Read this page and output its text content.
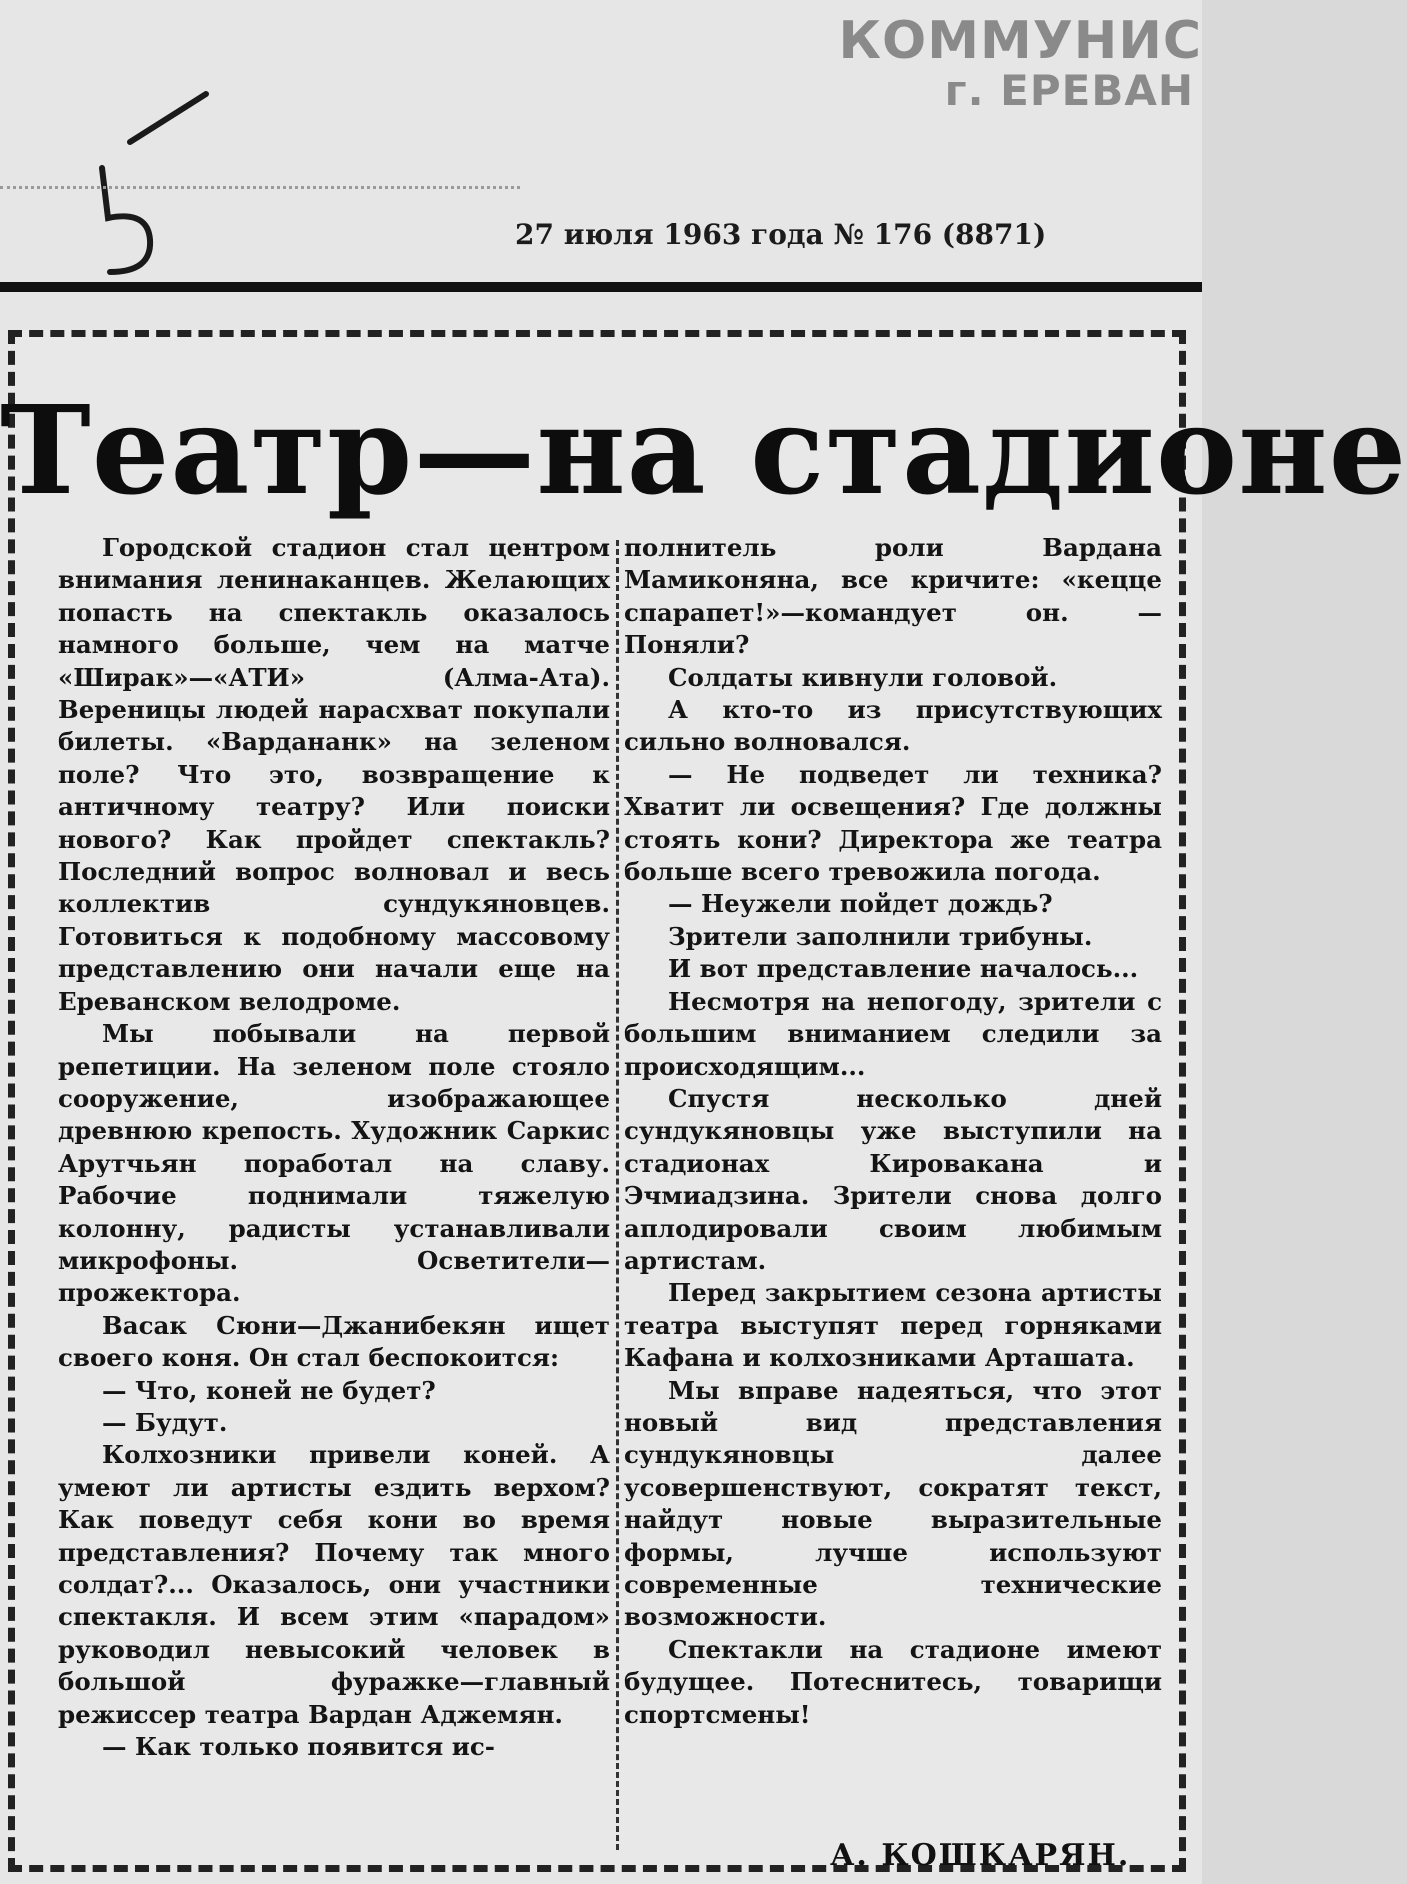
КОММУНИС
г. ЕРЕВАН
27 июля 1963 года № 176 (8871)
Театр—на стадионе

Городской стадион стал центром внимания ленинаканцев. Желающих попасть на спектакль оказалось намного больше, чем на матче «Ширак»—«АТИ» (Алма-Ата). Вереницы людей нарасхват покупали билеты. «Вардананк» на зеленом поле? Что это, возвращение к античному театру? Или поиски нового? Как пройдет спектакль? Последний вопрос волновал и весь коллектив сундукяновцев. Готовиться к подобному массовому представлению они начали еще на Ереванском велодроме.

Мы побывали на первой репетиции. На зеленом поле стояло сооружение, изображающее древнюю крепость. Художник Саркис Арутчьян поработал на славу. Рабочие поднимали тяжелую колонну, радисты устанавливали микрофоны. Осветители—прожектора.

Васак Сюни—Джанибекян ищет своего коня. Он стал беспокоится:

— Что, коней не будет?

— Будут.

Колхозники привели коней. А умеют ли артисты ездить верхом? Как поведут себя кони во время представления? Почему так много солдат?... Оказалось, они участники спектакля. И всем этим «парадом» руководил невысокий человек в большой фуражке—главный режиссер театра Вардан Аджемян.

— Как только появится ис-

полнитель роли Вардана Мамиконяна, все кричите: «кецце спарапет!»—командует он. — Поняли?

Солдаты кивнули головой.

А кто-то из присутствующих сильно волновался.

— Не подведет ли техника? Хватит ли освещения? Где должны стоять кони? Директора же театра больше всего тревожила погода.

— Неужели пойдет дождь?

Зрители заполнили трибуны.

И вот представление началось...

Несмотря на непогоду, зрители с большим вниманием следили за происходящим...

Спустя несколько дней сундукяновцы уже выступили на стадионах Кировакана и Эчмиадзина. Зрители снова долго аплодировали своим любимым артистам.

Перед закрытием сезона артисты театра выступят перед горняками Кафана и колхозниками Арташата.

Мы вправе надеяться, что этот новый вид представления сундукяновцы далее усовершенствуют, сократят текст, найдут новые выразительные формы, лучше используют современные технические возможности.

Спектакли на стадионе имеют будущее. Потеснитесь, товарищи спортсмены!

А. КОШКАРЯН.
